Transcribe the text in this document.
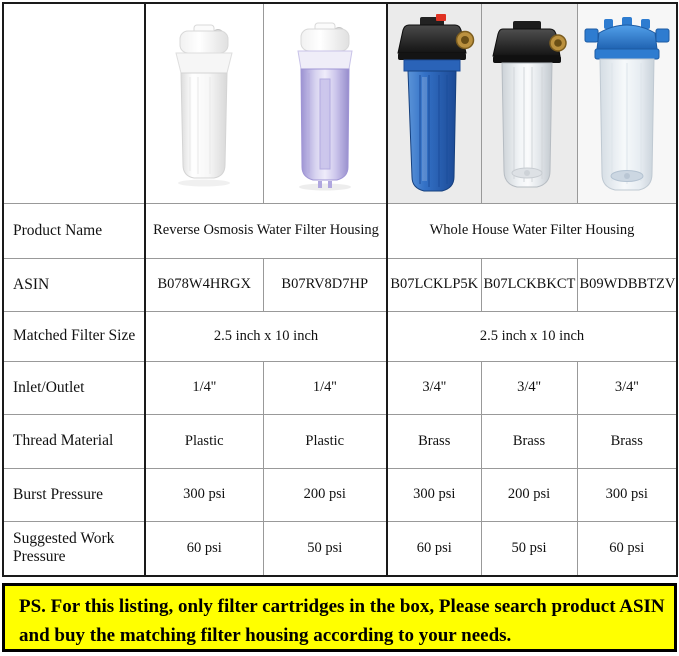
Product Name	Reverse Osmosis Water Filter Housing		Whole House Water Filter Housing		
ASIN	B078W4HRGX	B07RV8D7HP	B07LCKLP5K	B07LCKBKCT	B09WDBBTZV
Matched Filter Size	2.5 inch x 10 inch		2.5 inch x 10 inch		
Inlet/Outlet	1/4''	1/4''	3/4''	3/4''	3/4''
Thread Material	Plastic	Plastic	Brass	Brass	Brass
Burst Pressure	300 psi	200 psi	300 psi	200 psi	300 psi
Suggested Work Pressure	60 psi	50 psi	60 psi	50 psi	60 psi
PS. For this listing, only filter cartridges in the box, Please search product ASIN and buy the matching filter housing according to your needs.
